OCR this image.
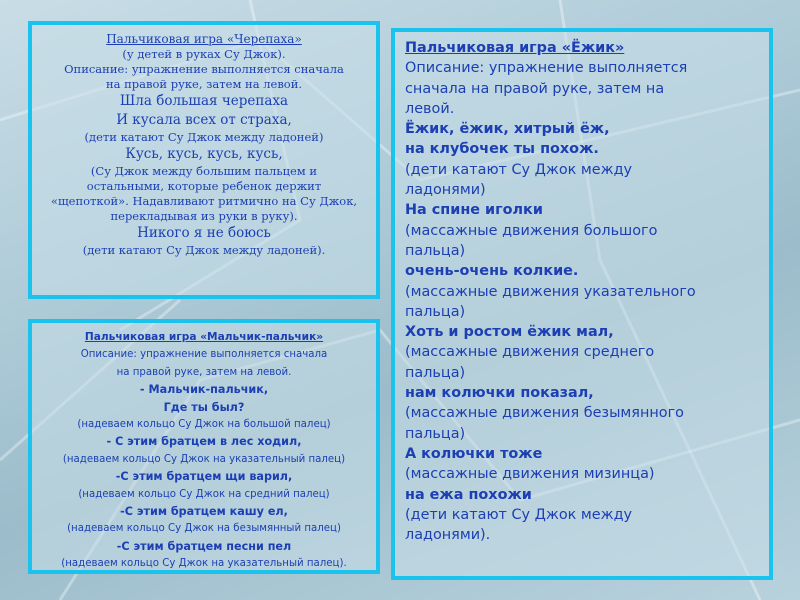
Пальчиковая игра «Черепаха»
(у детей в руках Су Джок).
Описание: упражнение выполняется сначала
на правой руке, затем на левой.
Шла большая черепаха
И кусала всех от страха,
(дети катают Су Джок между ладоней)
Кусь, кусь, кусь, кусь,
(Су Джок между большим пальцем и
остальными, которые ребенок держит
«щепоткой». Надавливают ритмично на Су Джок,
перекладывая из руки в руку).
Никого я не боюсь
(дети катают Су Джок между ладоней).
Пальчиковая игра «Мальчик-пальчик»
Описание: упражнение выполняется сначала
на правой руке, затем на левой.
- Мальчик-пальчик,
Где ты был?
(надеваем кольцо Су Джок на большой палец)
- С этим братцем в лес ходил,
(надеваем кольцо Су Джок на указательный палец)
-С этим братцем щи варил,
(надеваем кольцо Су Джок на средний палец)
-С этим братцем кашу ел,
(надеваем кольцо Су Джок на безымянный палец)
-С этим братцем песни пел
(надеваем кольцо Су Джок на указательный палец).
Пальчиковая игра «Ёжик»
Описание: упражнение выполняется
сначала на правой руке, затем на
левой.
Ёжик, ёжик, хитрый ёж,
на клубочек ты похож.
(дети катают Су Джок между
ладонями)
На спине иголки
(массажные движения большого
пальца)
очень-очень колкие.
(массажные движения указательного
пальца)
Хоть и ростом ёжик мал,
(массажные движения среднего
пальца)
нам колючки показал,
(массажные движения безымянного
пальца)
А колючки тоже
(массажные движения мизинца)
на ежа похожи
(дети катают Су Джок между
ладонями).
